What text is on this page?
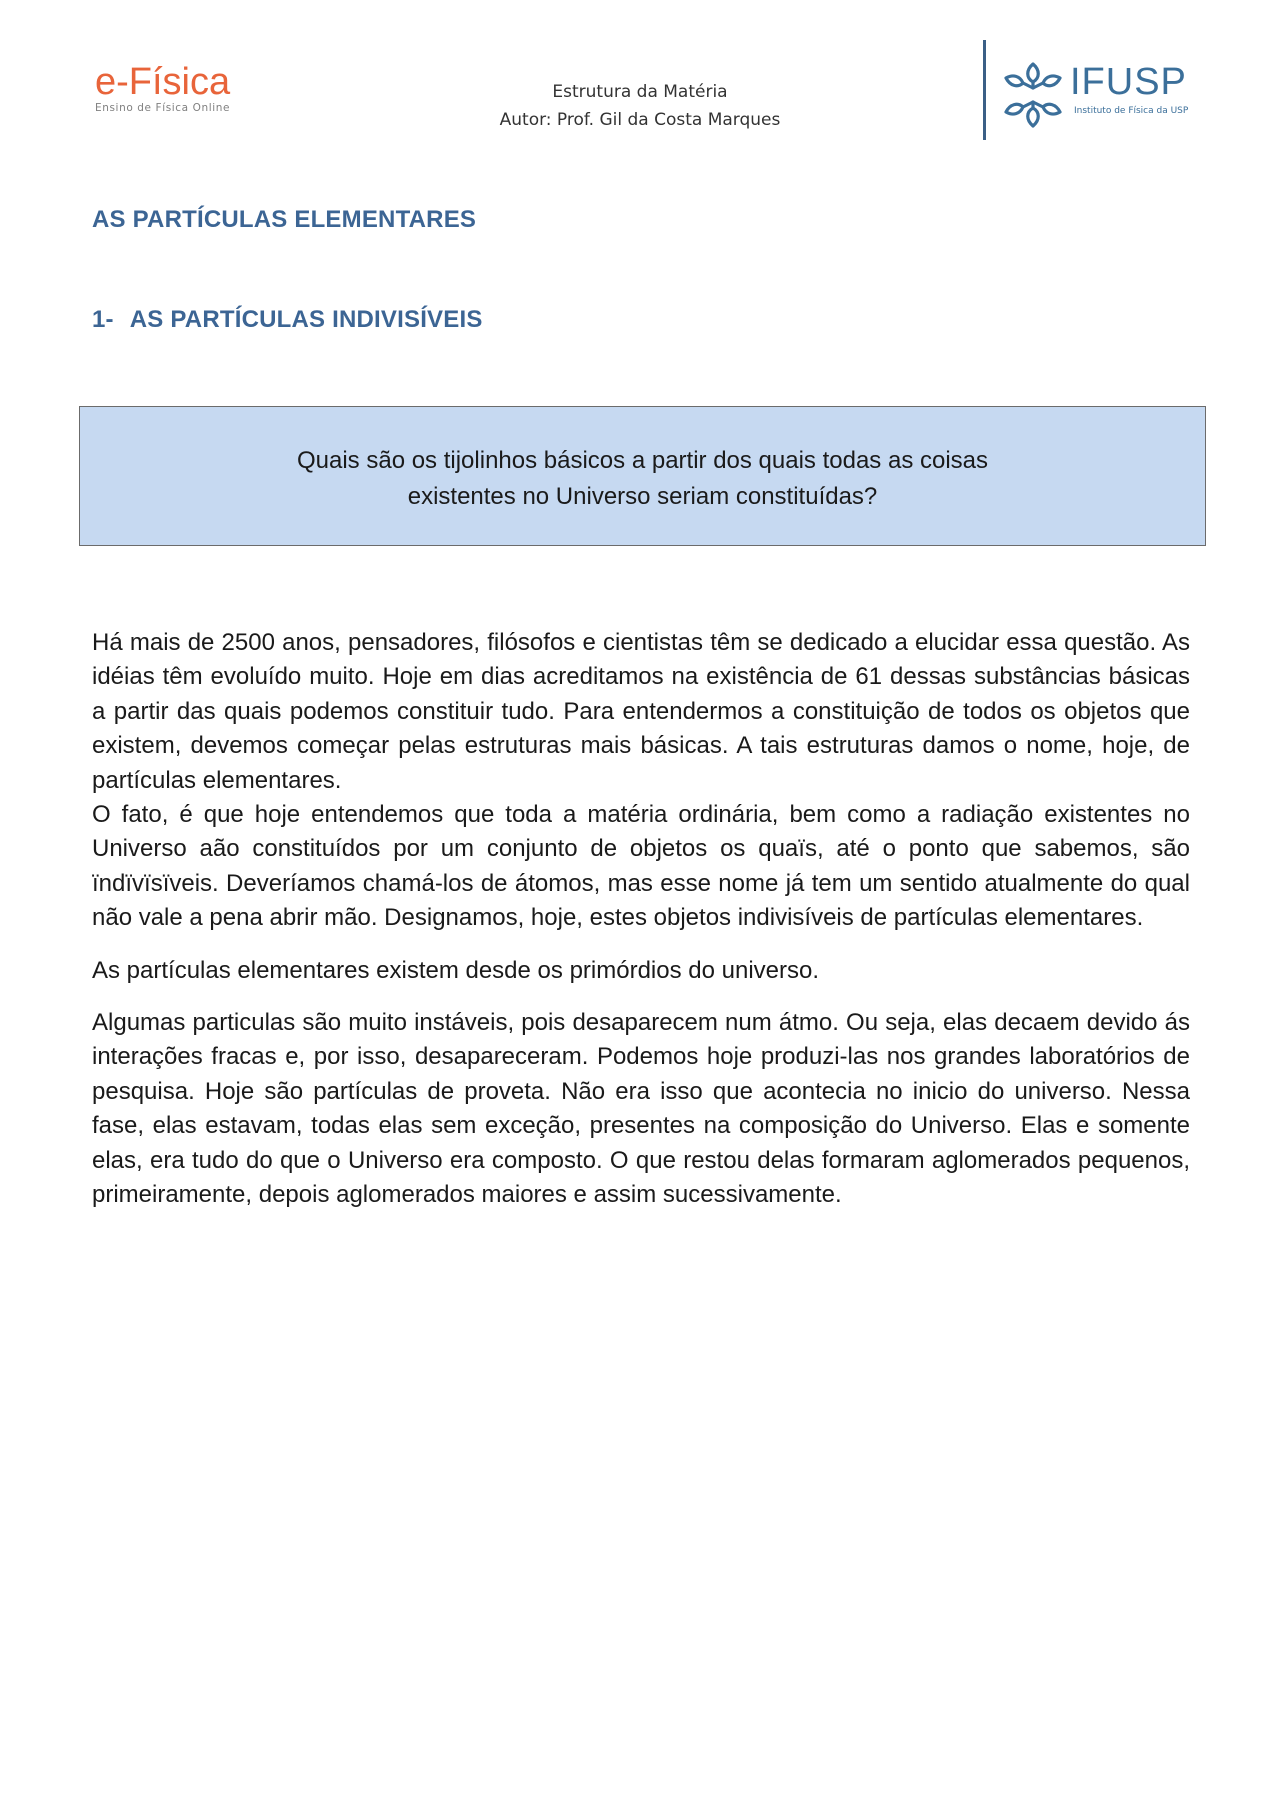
e-Física
Ensino de Física Online
Estrutura da Matéria
Autor: Prof. Gil da Costa Marques
IFUSP
Instituto de Física da USP
AS PARTÍCULAS ELEMENTARES
1- AS PARTÍCULAS INDIVISÍVEIS
Quais são os tijolinhos básicos a partir dos quais todas as coisas
existentes no Universo seriam constituídas?

Há mais de 2500 anos, pensadores, filósofos e cientistas têm se dedicado a elucidar essa questão. As idéias têm evoluído muito. Hoje em dias acreditamos na existência de 61 dessas substâncias básicas a partir das quais podemos constituir tudo. Para entendermos a constituição de todos os objetos que existem, devemos começar pelas estruturas mais básicas. A tais estruturas damos o nome, hoje, de partículas elementares.

O fato, é que hoje entendemos que toda a matéria ordinária, bem como a radiação existentes no Universo aão constituídos por um conjunto de objetos os quaïs, até o ponto que sabemos, são ïndïvïsïveis. Deveríamos chamá-los de átomos, mas esse nome já tem um sentido atualmente do qual não vale a pena abrir mão. Designamos, hoje, estes objetos indivisíveis de partículas elementares.

As partículas elementares existem desde os primórdios do universo.

Algumas particulas são muito instáveis, pois desaparecem num átmo. Ou seja, elas decaem devido ás interações fracas e, por isso, desapareceram. Podemos hoje produzi-las nos grandes laboratórios de pesquisa. Hoje são partículas de proveta. Não era isso que acontecia no inicio do universo. Nessa fase, elas estavam, todas elas sem exceção, presentes na composição do Universo. Elas e somente elas, era tudo do que o Universo era composto. O que restou delas formaram aglomerados pequenos, primeiramente, depois aglomerados maiores e assim sucessivamente.
